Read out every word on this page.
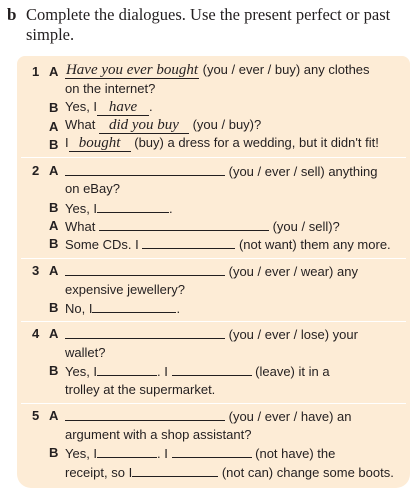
b Complete the dialogues. Use the present perfect or past simple.
1 A Have you ever bought (you / ever / buy) any clothes
on the internet?
B Yes, I have .
A What did you buy (you / buy)?
B I bought (buy) a dress for a wedding, but it didn't fit!
2 A	(you / ever / sell) anything
on eBay?
B Yes, I	.
A What	(you / sell)?
B Some CDs. I	(not want) them any more.
3 A	(you / ever / wear) any
expensive jewellery?
B No, I	.
4 A	(you / ever / lose) your
wallet?
B Yes, I	. I	(leave) it in a
trolley at the supermarket.
5 A	(you / ever / have) an
argument with a shop assistant?
B Yes, I	. I	(not have) the
receipt, so I	(not can) change some boots.
